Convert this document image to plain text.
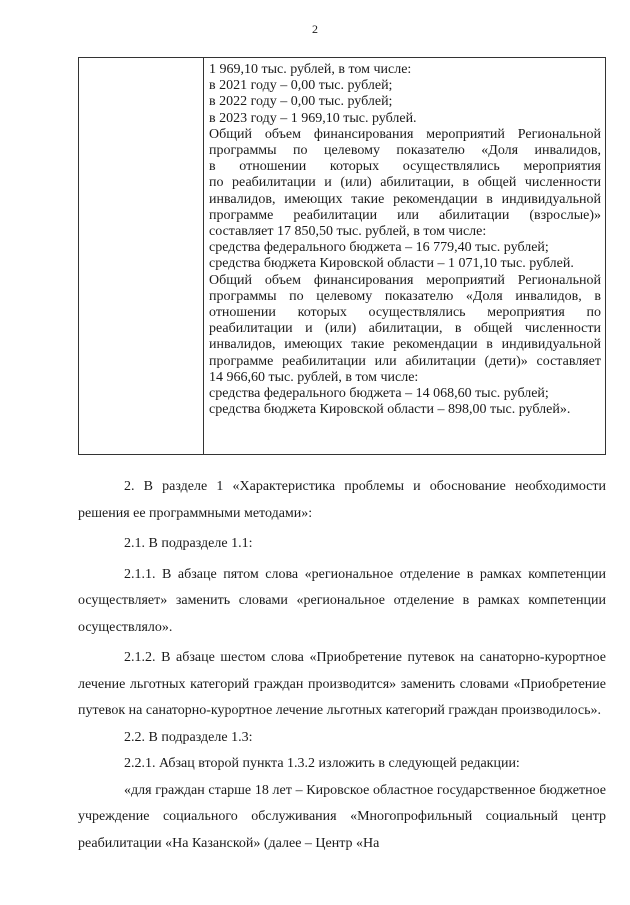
2
1 969,10 тыс. рублей, в том числе:
в 2021 году – 0,00 тыс. рублей;
в 2022 году – 0,00 тыс. рублей;
в 2023 году – 1 969,10 тыс. рублей.
Общий объем финансирования мероприятий Региональной
программы по целевому показателю «Доля инвалидов,
в отношении которых осуществлялись мероприятия
по реабилитации и (или) абилитации, в общей численности
инвалидов, имеющих такие рекомендации в индивидуальной
программе реабилитации или абилитации (взрослые)»
составляет 17 850,50 тыс. рублей, в том числе:
средства федерального бюджета – 16 779,40 тыс. рублей;
средства бюджета Кировской области – 1 071,10 тыс. рублей.
Общий объем финансирования мероприятий Региональной
программы по целевому показателю «Доля инвалидов, в
отношении которых осуществлялись мероприятия по
реабилитации и (или) абилитации, в общей численности
инвалидов, имеющих такие рекомендации в индивидуальной
программе реабилитации или абилитации (дети)» составляет
14 966,60 тыс. рублей, в том числе:
средства федерального бюджета – 14 068,60 тыс. рублей;
средства бюджета Кировской области – 898,00 тыс. рублей».
2. В разделе 1 «Характеристика проблемы и обоснование необходимости решения ее программными методами»:
2.1. В подразделе 1.1:
2.1.1. В абзаце пятом слова «региональное отделение в рамках компетенции осуществляет» заменить словами «региональное отделение в рамках компетенции осуществляло».
2.1.2. В абзаце шестом слова «Приобретение путевок на санаторно-курортное лечение льготных категорий граждан производится» заменить словами «Приобретение путевок на санаторно-курортное лечение льготных категорий граждан производилось».
2.2. В подразделе 1.3:
2.2.1. Абзац второй пункта 1.3.2 изложить в следующей редакции:
«для граждан старше 18 лет – Кировское областное государственное бюджетное учреждение социального обслуживания «Многопрофильный социальный центр реабилитации «На Казанской» (далее – Центр «На
